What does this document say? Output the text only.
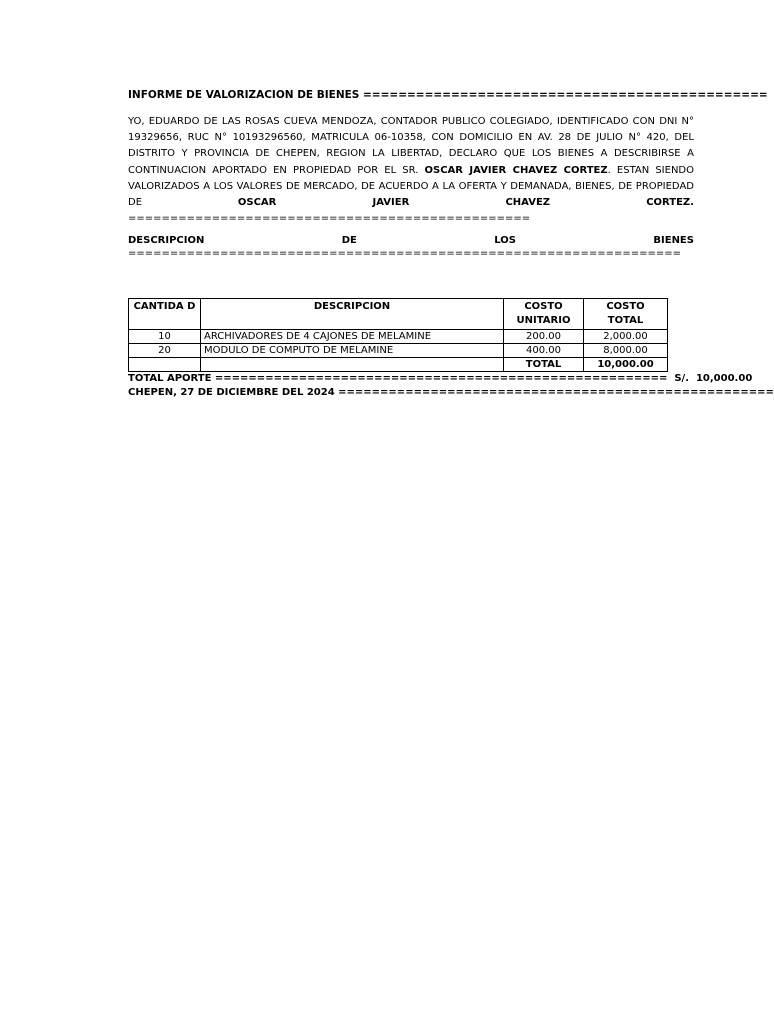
INFORME DE VALORIZACION DE BIENES ==============================================

YO, EDUARDO DE LAS ROSAS CUEVA MENDOZA, CONTADOR PUBLICO COLEGIADO, IDENTIFICADO CON DNI N° 19329656, RUC N° 10193296560, MATRICULA 06-10358, CON DOMICILIO EN AV. 28 DE JULIO N° 420, DEL DISTRITO Y PROVINCIA DE CHEPEN, REGION LA LIBERTAD, DECLARO QUE LOS BIENES A DESCRIBIRSE A CONTINUACION APORTADO EN PROPIEDAD POR EL SR. OSCAR JAVIER CHAVEZ CORTEZ. ESTAN SIENDO VALORIZADOS A LOS VALORES DE MERCADO, DE ACUERDO A LA OFERTA Y DEMANADA, BIENES, DE PROPIEDAD DE OSCAR JAVIER CHAVEZ CORTEZ. ================================================

DESCRIPCION	DE	LOS	BIENES
==================================================================
CANTIDA D	DESCRIPCION	COSTO UNITARIO	COSTO TOTAL
10	ARCHIVADORES DE 4 CAJONES DE MELAMINE	200.00	2,000.00
20	MODULO DE COMPUTO DE MELAMINE	400.00	8,000.00
		TOTAL	10,000.00
TOTAL APORTE ====================================================== S/. 10,000.00
CHEPEN, 27 DE DICIEMBRE DEL 2024 ====================================================
